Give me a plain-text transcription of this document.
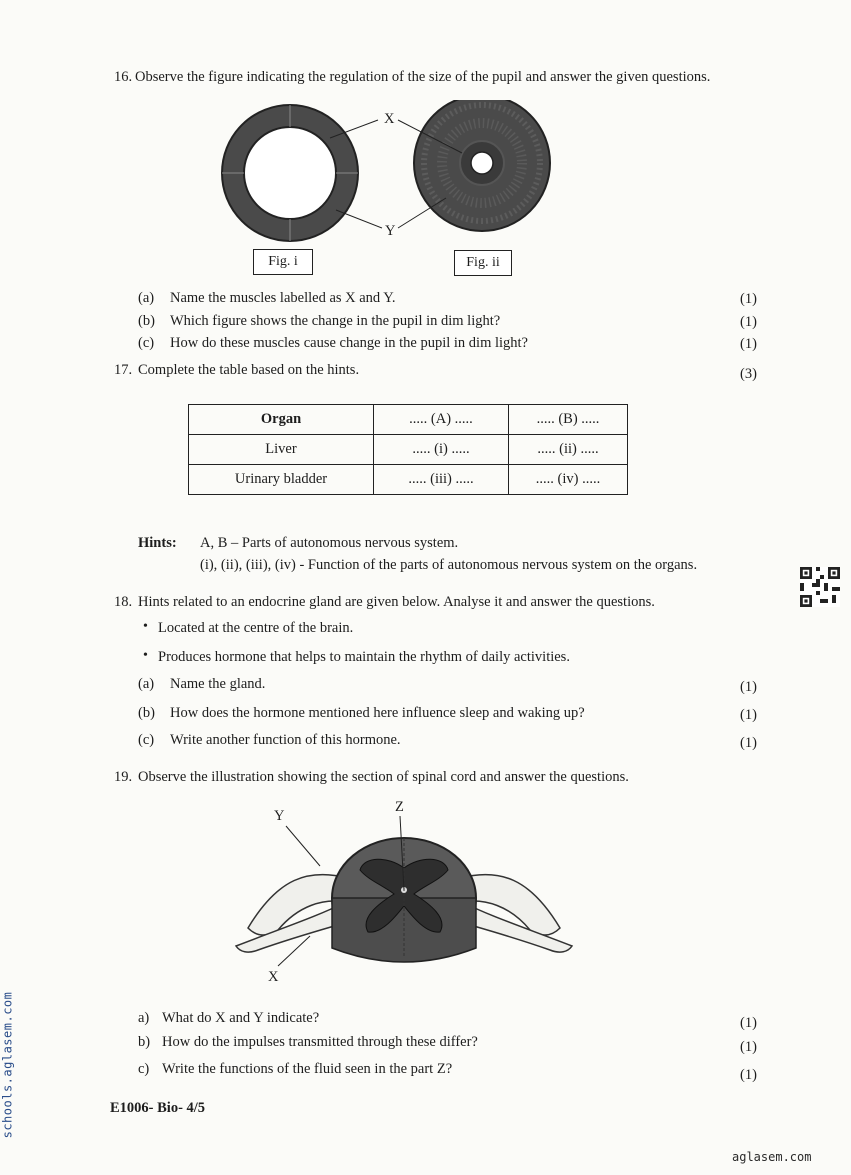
16. Observe the figure indicating the regulation of the size of the pupil and answer the given questions.
X
Y
Fig. i	Fig. ii
(a) Name the muscles labelled as X and Y.	(1)
(b) Which figure shows the change in the pupil in dim light?	(1)
(c) How do these muscles cause change in the pupil in dim light?	(1)
17. Complete the table based on the hints.	(3)
Organ	..... (A) .....	..... (B) .....
Liver	..... (i) .....	..... (ii) .....
Urinary bladder	..... (iii) .....	..... (iv) .....
Hints: A, B – Parts of autonomous nervous system.
(i), (ii), (iii), (iv) - Function of the parts of autonomous nervous system on the organs.
18. Hints related to an endocrine gland are given below. Analyse it and answer the questions.
• Located at the centre of the brain.
• Produces hormone that helps to maintain the rhythm of daily activities.
(a) Name the gland.	(1)
(b) How does the hormone mentioned here influence sleep and waking up?	(1)
(c) Write another function of this hormone.	(1)
19. Observe the illustration showing the section of spinal cord and answer the questions.
Z
Y
X
a) What do X and Y indicate?	(1)
b) How do the impulses transmitted through these differ?	(1)
c) Write the functions of the fluid seen in the part Z?	(1)
E1006- Bio- 4/5
schools.aglasem.com
aglasem.com
